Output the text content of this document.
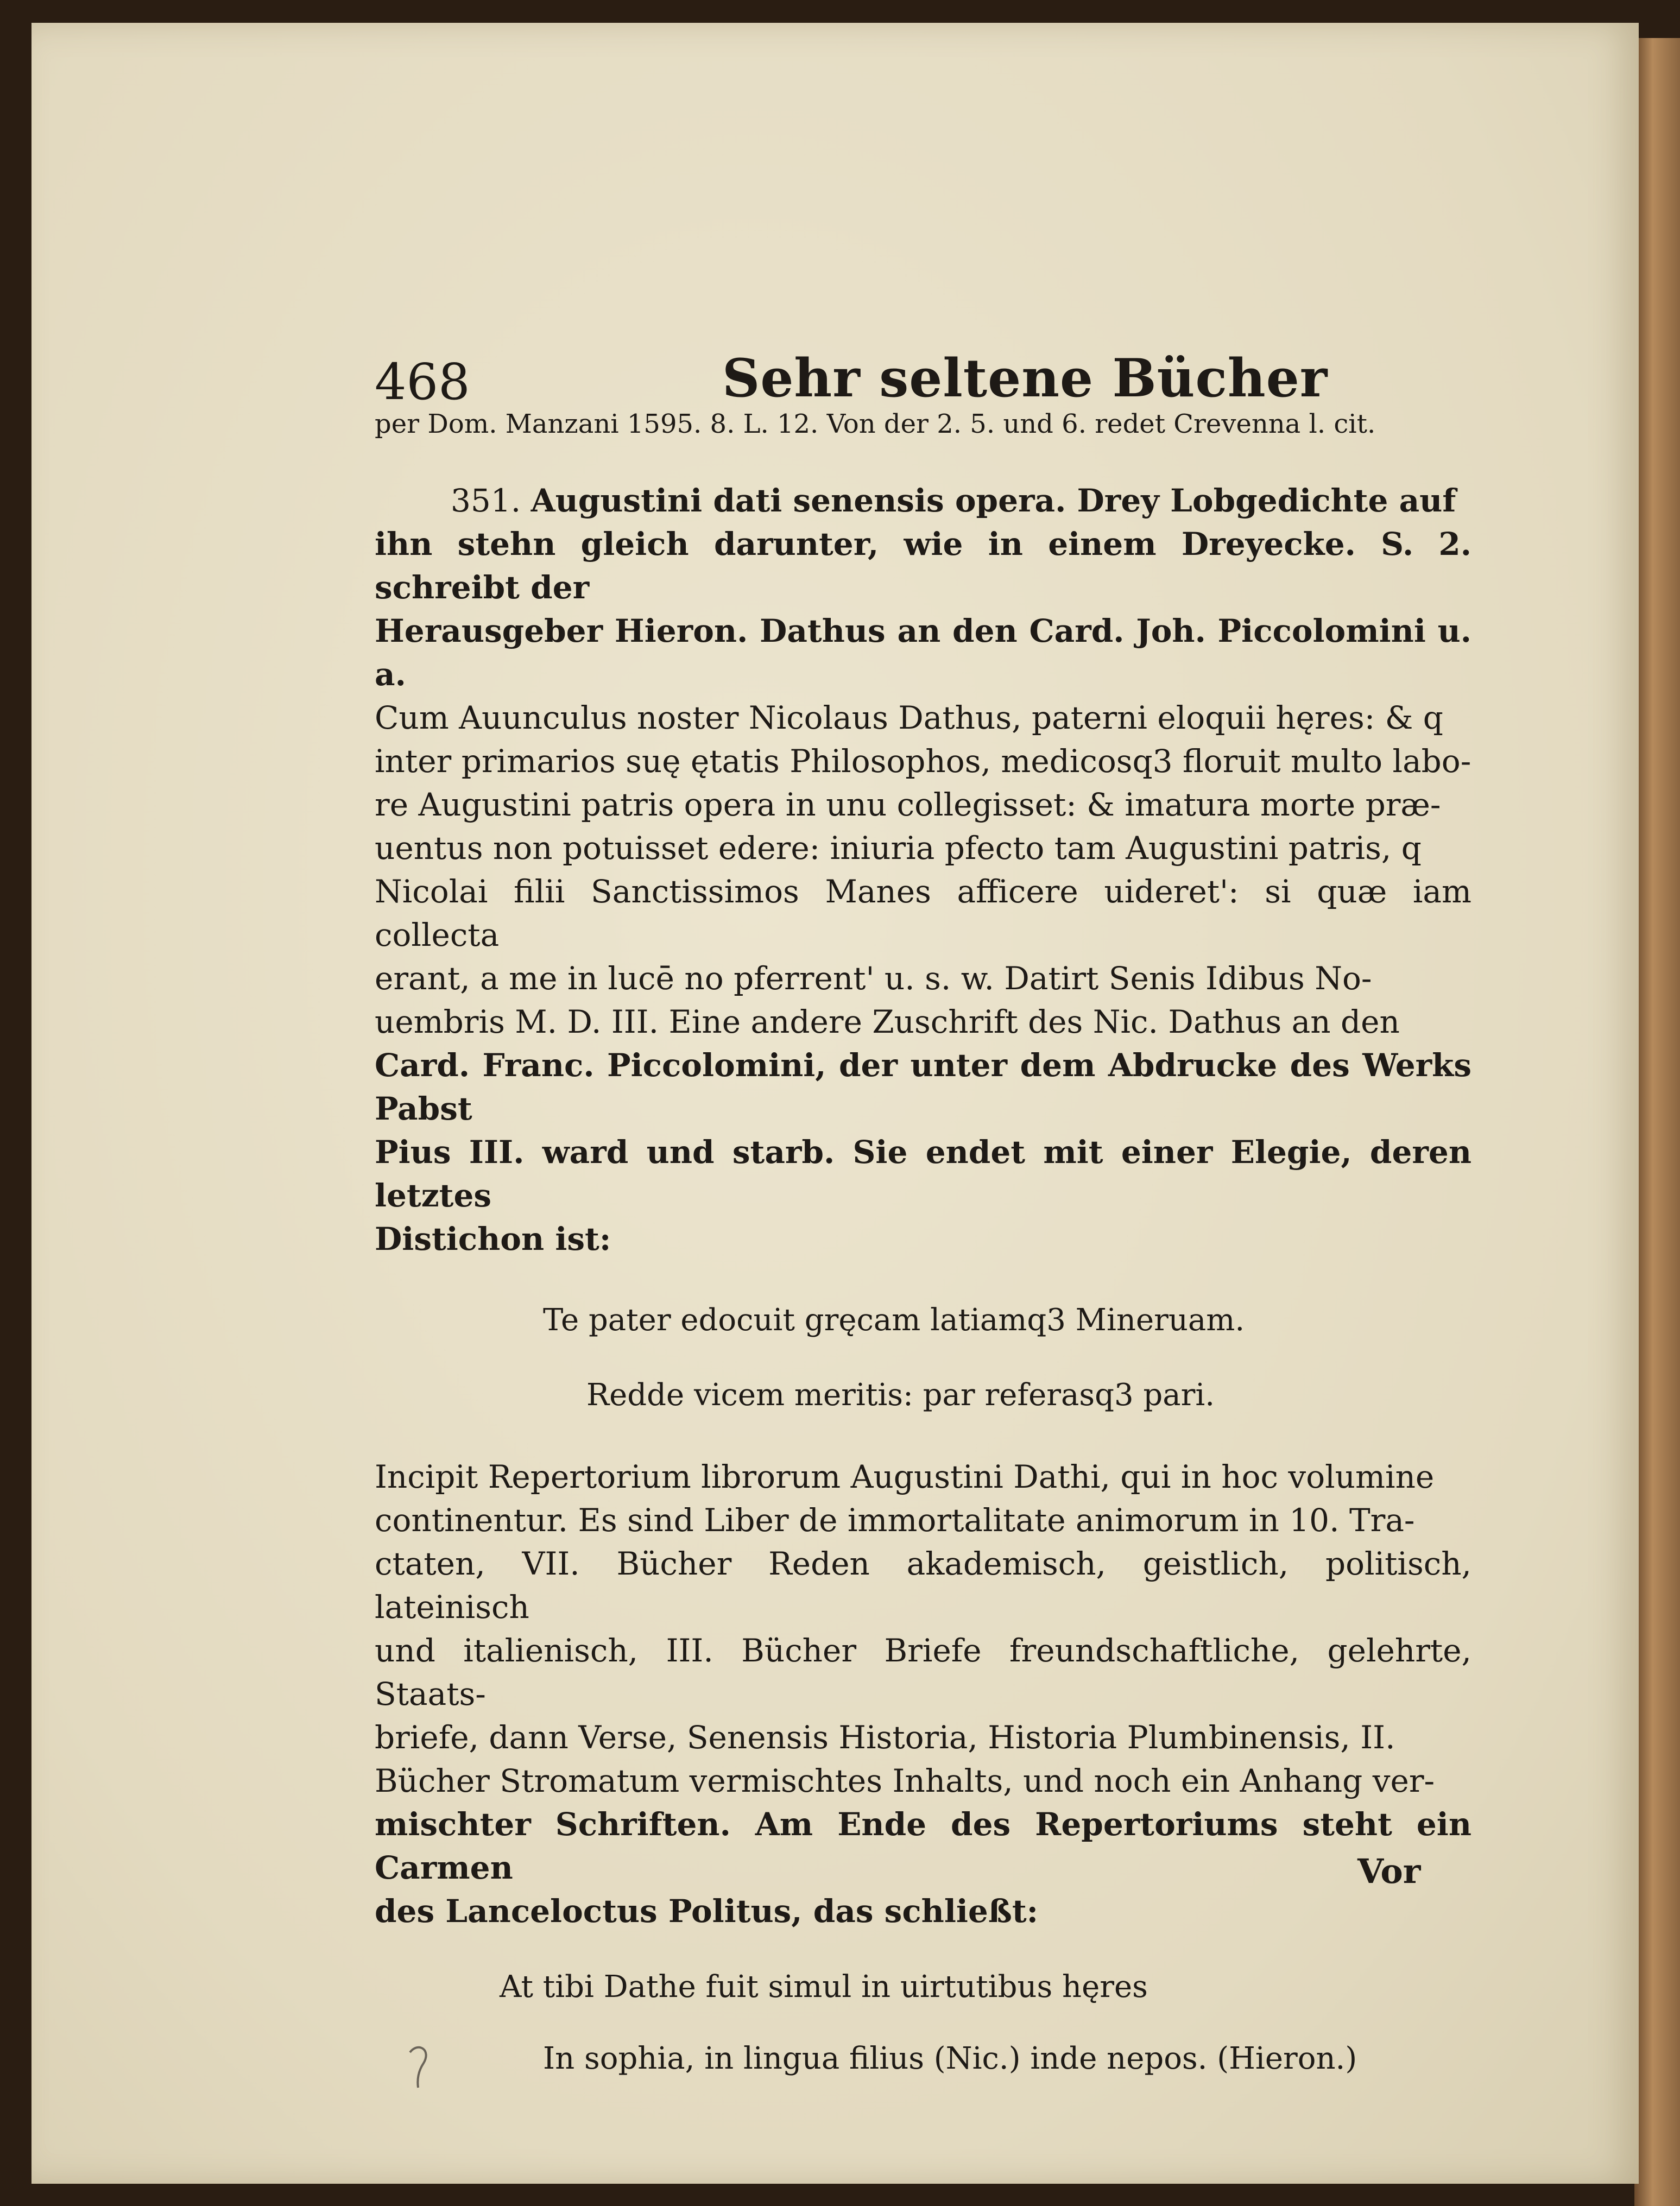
468	Sehr seltene Bücher

per Dom. Manzani 1595. 8. L. 12. Von der 2. 5. und 6. redet Crevenna l. cit.

351. Augustini dati senensis opera. Drey Lobgedichte auf

ihn stehn gleich darunter, wie in einem Dreyecke. S. 2. schreibt der

Herausgeber Hieron. Dathus an den Card. Joh. Piccolomini u. a.

Cum Auunculus noster Nicolaus Dathus, paterni eloquii hęres: & q

inter primarios suę ętatis Philosophos, medicosq3 floruit multo labo-

re Augustini patris opera in unu collegisset: & imatura morte præ-

uentus non potuisset edere: iniuria pfecto tam Augustini patris, q

Nicolai filii Sanctissimos Manes afficere uideret': si quæ iam collecta

erant, a me in lucē no pferrent' u. s. w. Datirt Senis Idibus No-

uembris M. D. III. Eine andere Zuschrift des Nic. Dathus an den

Card. Franc. Piccolomini, der unter dem Abdrucke des Werks Pabst

Pius III. ward und starb. Sie endet mit einer Elegie, deren letztes

Distichon ist:

Te pater edocuit gręcam latiamq3 Mineruam.

Redde vicem meritis: par referasq3 pari.

Incipit Repertorium librorum Augustini Dathi, qui in hoc volumine

continentur. Es sind Liber de immortalitate animorum in 10. Tra-

ctaten, VII. Bücher Reden akademisch, geistlich, politisch, lateinisch

und italienisch, III. Bücher Briefe freundschaftliche, gelehrte, Staats-

briefe, dann Verse, Senensis Historia, Historia Plumbinensis, II.

Bücher Stromatum vermischtes Inhalts, und noch ein Anhang ver-

mischter Schriften. Am Ende des Repertoriums steht ein Carmen

des Lanceloctus Politus, das schließt:

At tibi Dathe fuit simul in uirtutibus hęres

In sophia, in lingua filius (Nic.) inde nepos. (Hieron.)

Vor
